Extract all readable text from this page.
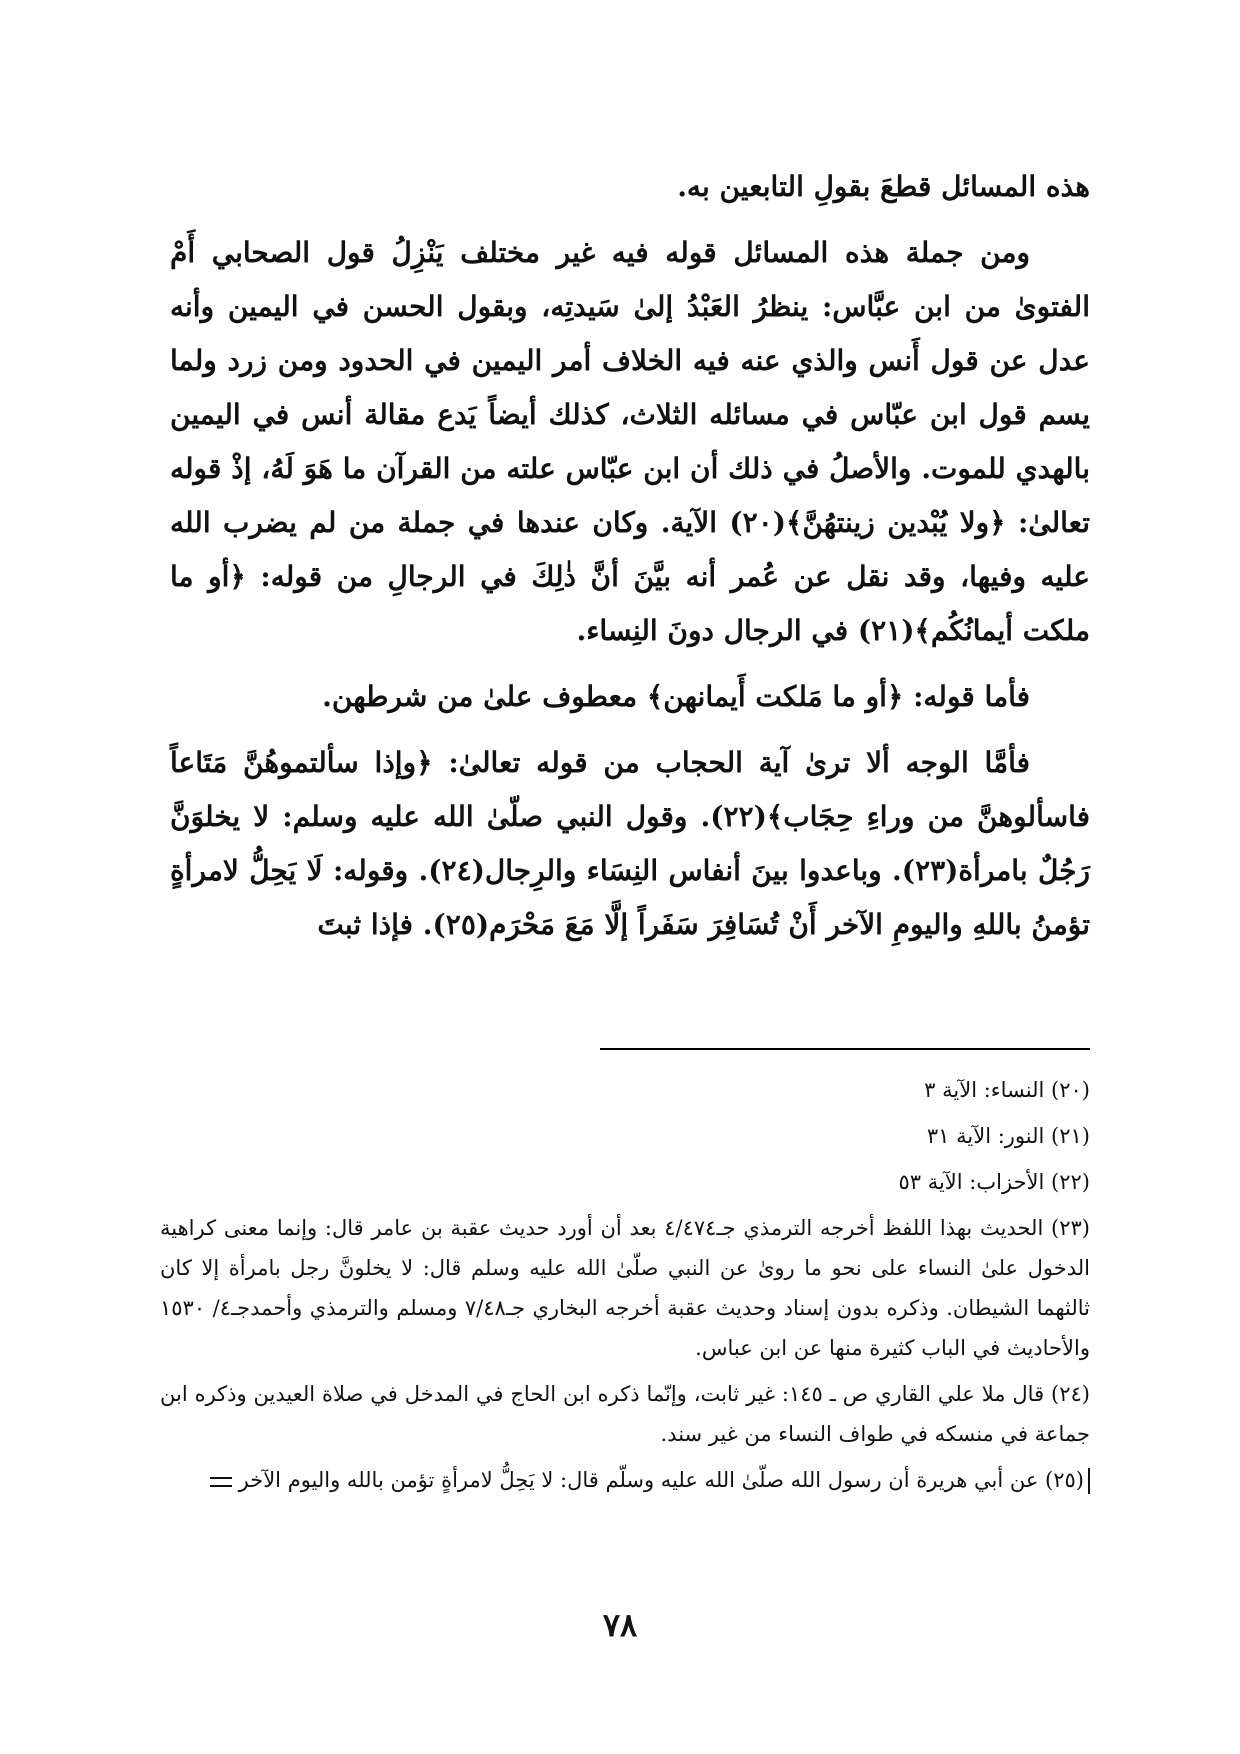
هذه المسائل قطعَ بقولِ التابعين به.

ومن جملة هذه المسائل قوله فيه غير مختلف يَنْزِلُ قول الصحابي أَمْ الفتوىٰ من ابن عبَّاس: ينظرُ العَبْدُ إلىٰ سَيدتِه، وبقول الحسن في اليمين وأنه عدل عن قول أَنس والذي عنه فيه الخلاف أمر اليمين في الحدود ومن زرد ولما يسم قول ابن عبّاس في مسائله الثلاث، كذلك أيضاً يَدع مقالة أنس في اليمين بالهدي للموت. والأصلُ في ذلك أن ابن عبّاس علته من القرآن ما هَوَ لَهُ، إذْ قوله تعالىٰ: ﴿ولا يُبْدين زينتهُنَّ﴾(٢٠) الآية. وكان عندها في جملة من لم يضرب الله عليه وفيها، وقد نقل عن عُمر أنه بيَّنَ أنَّ ذٰلِكَ في الرجالِ من قوله: ﴿أو ما ملكت أيمانُكُم﴾(٢١) في الرجال دونَ النِساء.

فأما قوله: ﴿أو ما مَلكت أَيمانهن﴾ معطوف علىٰ من شرطهن.

فأمَّا الوجه ألا ترىٰ آية الحجاب من قوله تعالىٰ: ﴿وإذا سألتموهُنَّ مَتَاعاً فاسألوهنَّ من وراءِ حِجَاب﴾(٢٢). وقول النبي صلّىٰ الله عليه وسلم: لا يخلوَنَّ رَجُلٌ بامرأة(٢٣). وباعدوا بينَ أنفاس النِسَاء والرِجال(٢٤). وقوله: لَا يَحِلُّ لامرأةٍ تؤمنُ باللهِ واليومِ الآخر أَنْ تُسَافِرَ سَفَراً إلَّا مَعَ مَحْرَم(٢٥). فإذا ثبتَ

(٢٠) النساء: الآية ٣

(٢١) النور: الآية ٣١

(٢٢) الأحزاب: الآية ٥٣

(٢٣) الحديث بهذا اللفظ أخرجه الترمذي جـ٤/٤٧٤ بعد أن أورد حديث عقبة بن عامر قال: وإنما معنى كراهية الدخول علىٰ النساء على نحو ما روىٰ عن النبي صلّىٰ الله عليه وسلم قال: لا يخلونَّ رجل بامرأة إلا كان ثالثهما الشيطان. وذكره بدون إسناد وحديث عقبة أخرجه البخاري جـ٧/٤٨ ومسلم والترمذي وأحمدجـ٤/ ١٥٣٠ والأحاديث في الباب كثيرة منها عن ابن عباس.

(٢٤) قال ملا علي القاري ص ـ ١٤٥: غير ثابت، وإنّما ذكره ابن الحاج في المدخل في صلاة العيدين وذكره ابن جماعة في منسكه في طواف النساء من غير سند.

(٢٥) عن أبي هريرة أن رسول الله صلّىٰ الله عليه وسلّم قال: لا يَحِلُّ لامرأةٍ تؤمن بالله واليوم الآخر

٧٨
